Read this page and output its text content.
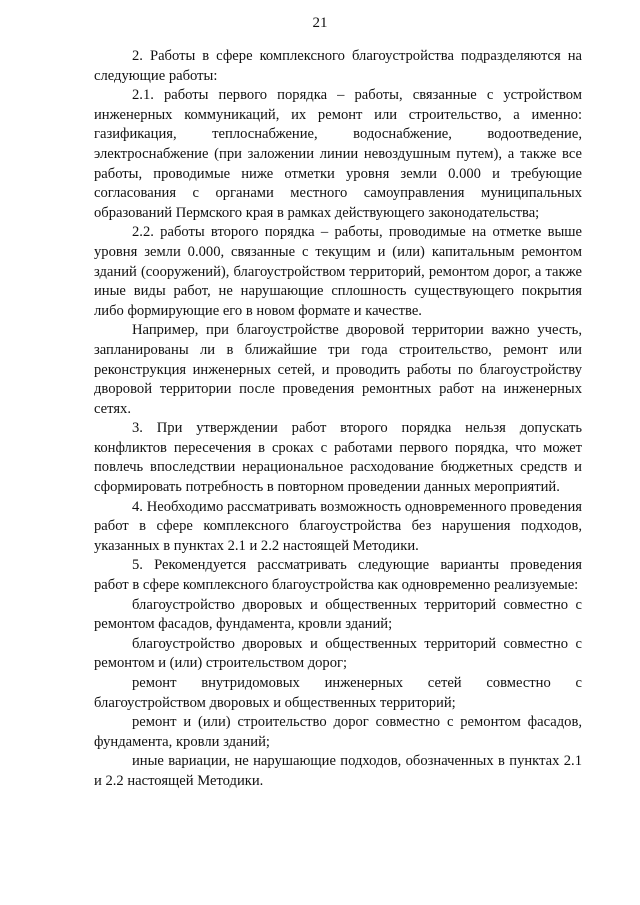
21

2. Работы в сфере комплексного благоустройства подразделяются на следующие работы:

2.1. работы первого порядка – работы, связанные с устройством инженерных коммуникаций, их ремонт или строительство, а именно: газификация, теплоснабжение, водоснабжение, водоотведение, электроснабжение (при заложении линии невоздушным путем), а также все работы, проводимые ниже отметки уровня земли 0.000 и требующие согласования с органами местного самоуправления муниципальных образований Пермского края в рамках действующего законодательства;

2.2. работы второго порядка – работы, проводимые на отметке выше уровня земли 0.000, связанные с текущим и (или) капитальным ремонтом зданий (сооружений), благоустройством территорий, ремонтом дорог, а также иные виды работ, не нарушающие сплошность существующего покрытия либо формирующие его в новом формате и качестве.

Например, при благоустройстве дворовой территории важно учесть, запланированы ли в ближайшие три года строительство, ремонт или реконструкция инженерных сетей, и проводить работы по благоустройству дворовой территории после проведения ремонтных работ на инженерных сетях.

3. При утверждении работ второго порядка нельзя допускать конфликтов пересечения в сроках с работами первого порядка, что может повлечь впоследствии нерациональное расходование бюджетных средств и сформировать потребность в повторном проведении данных мероприятий.

4. Необходимо рассматривать возможность одновременного проведения работ в сфере комплексного благоустройства без нарушения подходов, указанных в пунктах 2.1 и 2.2 настоящей Методики.

5. Рекомендуется рассматривать следующие варианты проведения работ в сфере комплексного благоустройства как одновременно реализуемые:

благоустройство дворовых и общественных территорий совместно с ремонтом фасадов, фундамента, кровли зданий;

благоустройство дворовых и общественных территорий совместно с ремонтом и (или) строительством дорог;

ремонт внутридомовых инженерных сетей совместно с благоустройством дворовых и общественных территорий;

ремонт и (или) строительство дорог совместно с ремонтом фасадов, фундамента, кровли зданий;

иные вариации, не нарушающие подходов, обозначенных в пунктах 2.1 и 2.2 настоящей Методики.
